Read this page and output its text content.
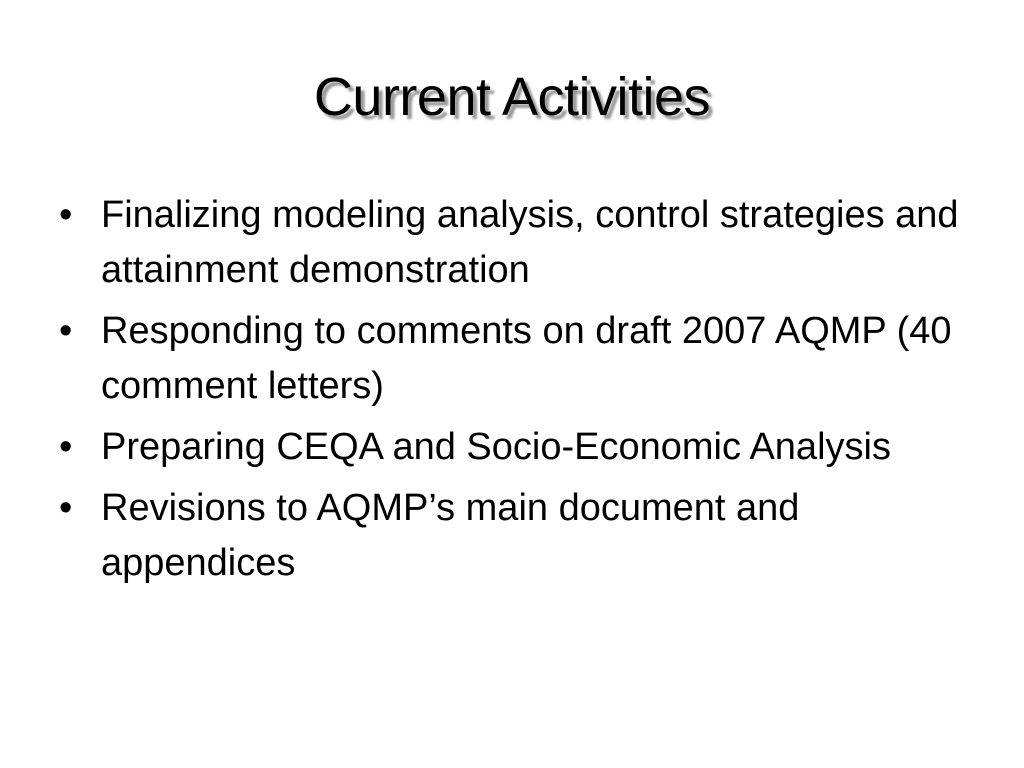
Current Activities
• Finalizing modeling analysis, control strategies and attainment demonstration
• Responding to comments on draft 2007 AQMP (40 comment letters)
• Preparing CEQA and Socio-Economic Analysis
• Revisions to AQMP’s main document and appendices
